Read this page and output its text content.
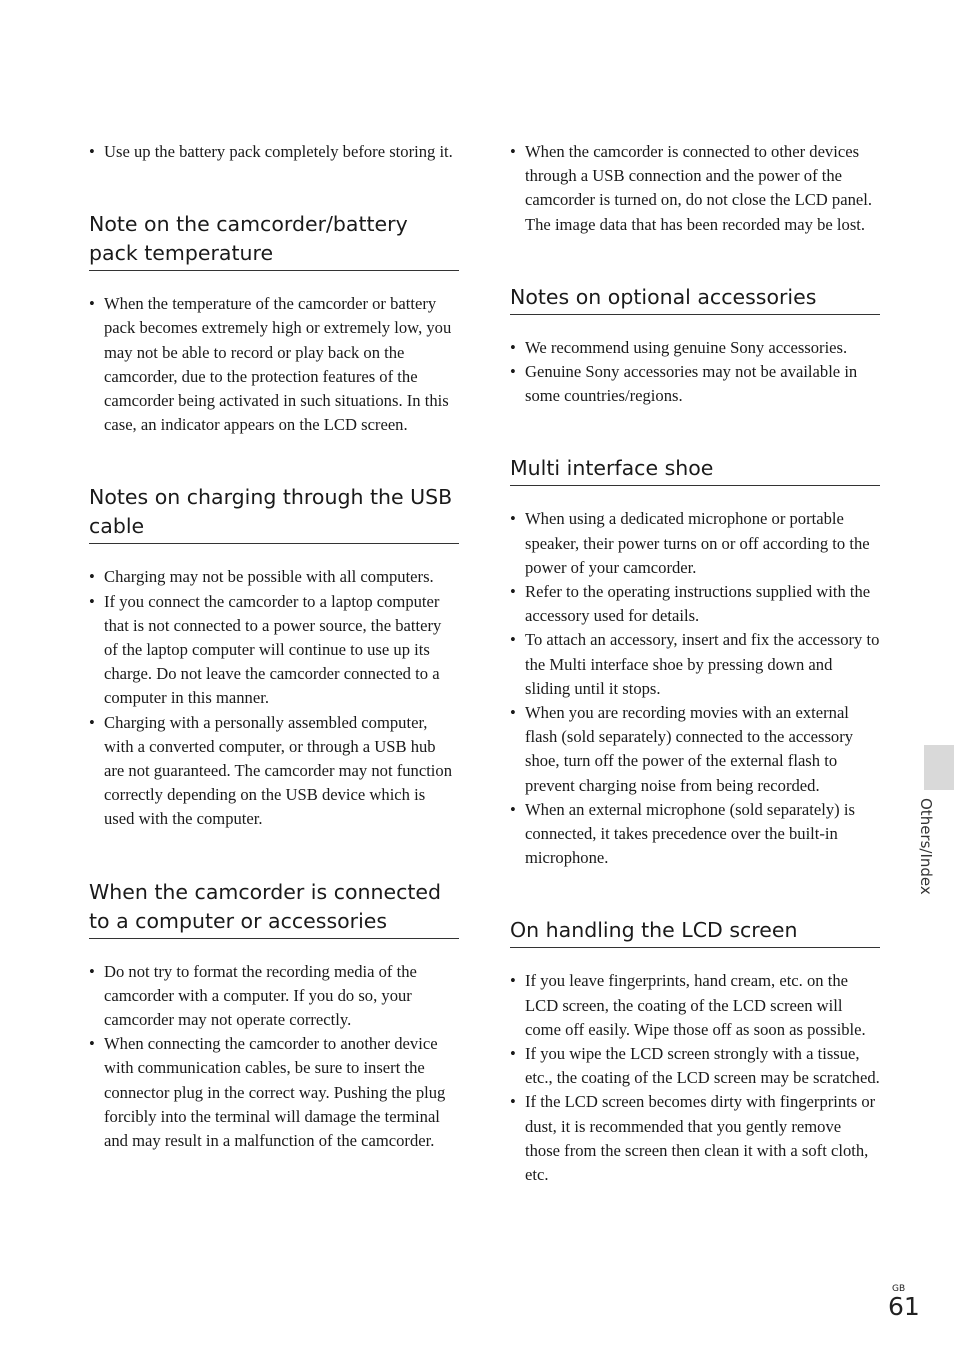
• Use up the battery pack completely before storing it.
Note on the camcorder/battery pack temperature
• When the temperature of the camcorder or battery pack becomes extremely high or extremely low, you may not be able to record or play back on the camcorder, due to the protection features of the camcorder being activated in such situations. In this case, an indicator appears on the LCD screen.
Notes on charging through the USB cable
• Charging may not be possible with all computers.
• If you connect the camcorder to a laptop computer that is not connected to a power source, the battery of the laptop computer will continue to use up its charge. Do not leave the camcorder connected to a computer in this manner.
• Charging with a personally assembled computer, with a converted computer, or through a USB hub are not guaranteed. The camcorder may not function correctly depending on the USB device which is used with the computer.
When the camcorder is connected to a computer or accessories
• Do not try to format the recording media of the camcorder with a computer. If you do so, your camcorder may not operate correctly.
• When connecting the camcorder to another device with communication cables, be sure to insert the connector plug in the correct way. Pushing the plug forcibly into the terminal will damage the terminal and may result in a malfunction of the camcorder.
• When the camcorder is connected to other devices through a USB connection and the power of the camcorder is turned on, do not close the LCD panel. The image data that has been recorded may be lost.
Notes on optional accessories
• We recommend using genuine Sony accessories.
• Genuine Sony accessories may not be available in some countries/regions.
Multi interface shoe
• When using a dedicated microphone or portable speaker, their power turns on or off according to the power of your camcorder.
• Refer to the operating instructions supplied with the accessory used for details.
• To attach an accessory, insert and fix the accessory to the Multi interface shoe by pressing down and sliding until it stops.
• When you are recording movies with an external flash (sold separately) connected to the accessory shoe, turn off the power of the external flash to prevent charging noise from being recorded.
• When an external microphone (sold separately) is connected, it takes precedence over the built-in microphone.
On handling the LCD screen
• If you leave fingerprints, hand cream, etc. on the LCD screen, the coating of the LCD screen will come off easily. Wipe those off as soon as possible.
• If you wipe the LCD screen strongly with a tissue, etc., the coating of the LCD screen may be scratched.
• If the LCD screen becomes dirty with fingerprints or dust, it is recommended that you gently remove those from the screen then clean it with a soft cloth, etc.
Others/Index
GB
61
